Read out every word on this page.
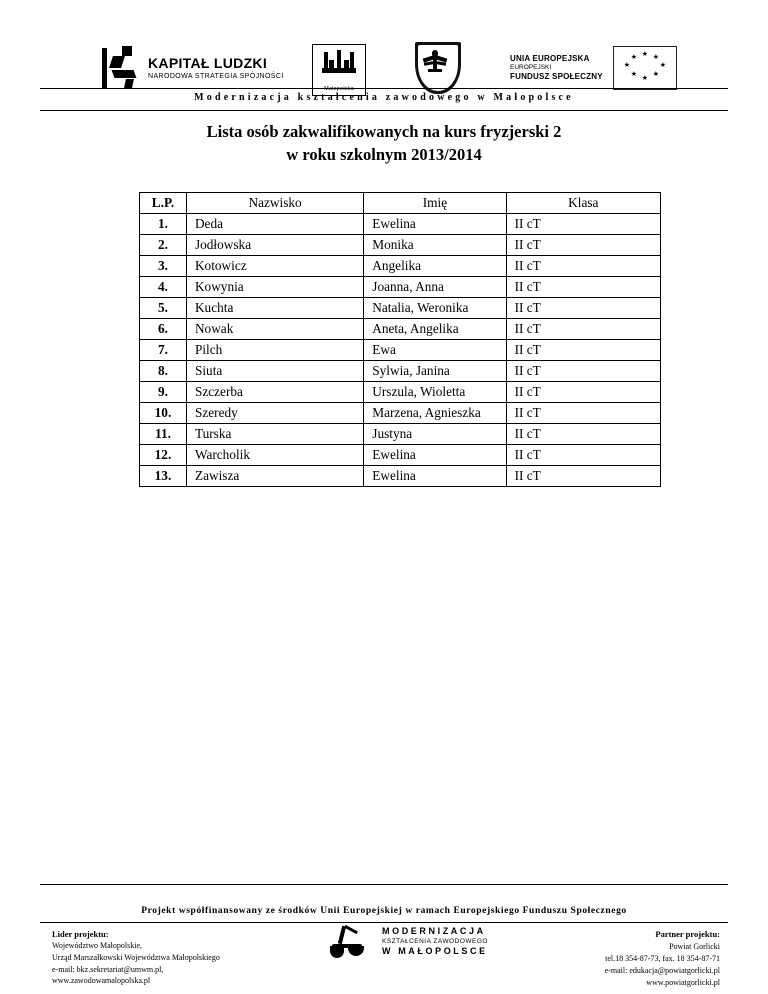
KAPITAŁ LUDZKI
NARODOWA STRATEGIA SPÓJNOŚCI
Małopolska
UNIA EUROPEJSKA
EUROPEJSKI
FUNDUSZ SPOŁECZNY
★ ★
★
★
★
★
★
★
Modernizacja kształcenia zawodowego w Małopolsce
Lista osób zakwalifikowanych na kurs fryzjerski 2
w roku szkolnym 2013/2014
L.P.	Nazwisko	Imię	Klasa
1.	Deda	Ewelina	II cT
2.	Jodłowska	Monika	II cT
3.	Kotowicz	Angelika	II cT
4.	Kowynia	Joanna, Anna	II cT
5.	Kuchta	Natalia, Weronika	II cT
6.	Nowak	Aneta, Angelika	II cT
7.	Pilch	Ewa	II cT
8.	Siuta	Sylwia, Janina	II cT
9.	Szczerba	Urszula, Wioletta	II cT
10.	Szeredy	Marzena, Agnieszka	II cT
11.	Turska	Justyna	II cT
12.	Warcholik	Ewelina	II cT
13.	Zawisza	Ewelina	II cT
Projekt współfinansowany ze środków Unii Europejskiej w ramach Europejskiego Funduszu Społecznego
Lider projektu:
Województwo Małopolskie,
Urząd Marszałkowski Województwa Małopolskiego
e-mail: bkz.sekretariat@umwm.pl,
www.zawodowamalopolska.pl
MODERNIZACJA
KSZTAŁCENIA ZAWODOWEGO
W MAŁOPOLSCE
Partner projektu:
Powiat Gorlicki
tel.18 354-87-73, fax. 18 354-87-71
e-mail: edukacja@powiatgorlicki.pl
www.powiatgorlicki.pl
